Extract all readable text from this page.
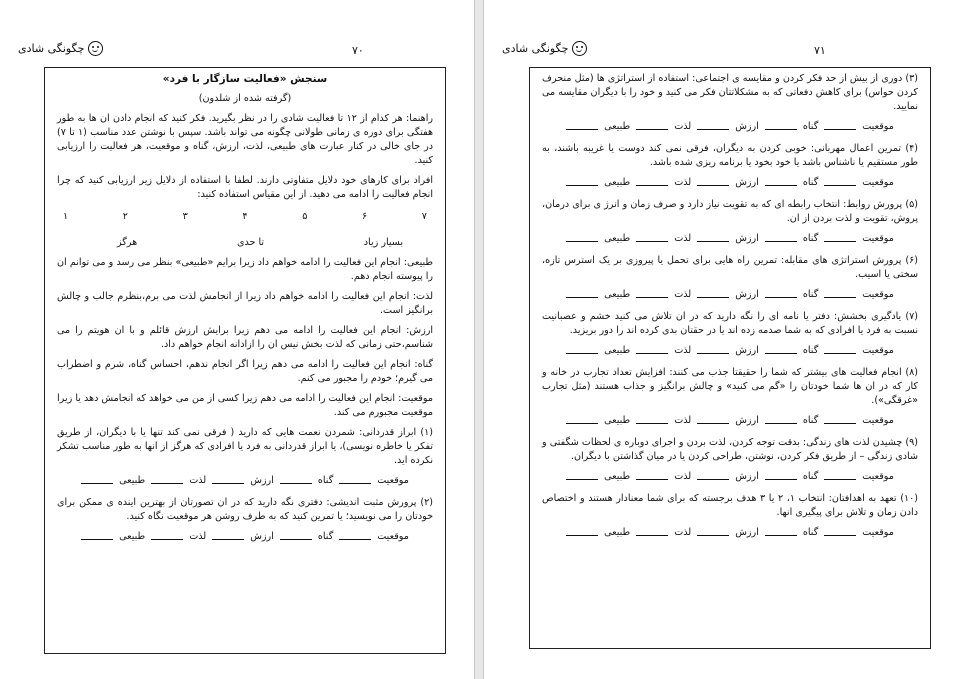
۷۰
چگونگی شادی

سنجش «فعالیت سازگار با فرد»

(گرفته شده از شلدون)

راهنما: هر کدام از ۱۲ تا فعالیت شادی را در نظر بگیرید. فکر کنید که انجام دادن ان ها به طور هفتگی برای دوره ی زمانی طولانی چگونه می تواند باشد. سپس با نوشتن عدد مناسب (۱ تا ۷) در جای خالی در کنار عبارت های طبیعی، لذت، ارزش، گناه و موقعیت، هر فعالیت را ارزیابی کنید.

افراد برای کارهای خود دلایل متفاوتی دارند. لطفا با استفاده از دلایل زیر ارزیابی کنید که چرا انجام فعالیت را ادامه می دهید. از این مقیاس استفاده کنید:

۱	۲	۳	۴	۵	۶	۷
بسیار زیاد
تا حدی
هرگز

طبیعی: انجام این فعالیت را ادامه خواهم داد زیرا برایم «طبیعی» بنظر می رسد و می توانم ان را پیوسته انجام دهم.

لذت: انجام این فعالیت را ادامه خواهم داد زیرا از انجامش لذت می برم،بنظرم جالب و چالش برانگیز است.

ارزش: انجام این فعالیت را ادامه می دهم زیرا برایش ارزش قائلم و با ان هویتم را می شناسم،حتی زمانی که لذت بخش نیس ان را ازادانه انجام خواهم داد.

گناه: انجام این فعالیت را ادامه می دهم زیرا اگر انجام ندهم، احساس گناه، شرم و اضطراب می گیرم؛ خودم را مجبور می کنم.

موقعیت: انجام این فعالیت را ادامه می دهم زیرا کسی از من می خواهد که انجامش دهد یا زیرا موقعیت مجبورم می کند.

(۱) ابراز قدردانی: شمردن نعمت هایی که دارید ( فرقی نمی کند تنها یا با دیگران، از طریق تفکر یا خاطره نویسی)، یا ابراز قدردانی به فرد یا افرادی که هرگز از انها به طور مناسب تشکر نکرده اید.

موقعیت
گناه
ارزش
لذت
طبیعی

(۲) پرورش مثبت اندیشی: دفتری نگه دارید که در ان تصورتان از بهترین اینده ی ممکن برای خودتان را می نویسید؛ یا تمرین کنید که به طرف روشن هر موقعیت نگاه کنید.

موقعیت
گناه
ارزش
لذت
طبیعی
۷۱
چگونگی شادی

(۳) دوری از بیش از حد فکر کردن و مقایسه ی اجتماعی: استفاده از استراتژی ها (مثل منحرف کردن حواس) برای کاهش دفعاتی که به مشکلاتتان فکر می کنید و خود را با دیگران مقایسه می نمایید.

موقعیت
گناه
ارزش
لذت
طبیعی

(۴) تمرین اعمال مهربانی: خوبی کردن به دیگران، فرقی نمی کند دوست یا غریبه باشند، به طور مستقیم یا ناشناس باشد یا خود بخود یا برنامه ریزی شده باشد.

موقعیت
گناه
ارزش
لذت
طبیعی

(۵) پرورش روابط: انتخاب رابطه ای که به تقویت نیاز دارد و صرف زمان و انرژ ی برای درمان، پروش، تقویت و لذت بردن از ان.

موقعیت
گناه
ارزش
لذت
طبیعی

(۶) پرورش استراتژی های مقابله: تمرین راه هایی برای تحمل یا پیروزی بر یک استرس تازه، سختی یا اسیب.

موقعیت
گناه
ارزش
لذت
طبیعی

(۷) یادگیری بخشش: دفتر یا نامه ای را نگه دارید که در ان تلاش می کنید خشم و عصبانیت نسبت به فرد یا افرادی که به شما صدمه زده اند یا در حقتان بدی کرده اند را دور بریزید.

موقعیت
گناه
ارزش
لذت
طبیعی

(۸) انجام فعالیت های بیشتر که شما را حقیقتا جذب می کنند: افزایش تعداد تجارب در خانه و کار که در ان ها شما خودتان را «گم می کنید» و چالش برانگیز و جذاب هستند (مثل تجارب «غرقگی»).

موقعیت
گناه
ارزش
لذت
طبیعی

(۹) چشیدن لذت های زندگی: بدقت توجه کردن، لذت بردن و اجرای دوباره ی لحظات شگفتی و شادی زندگی – از طریق فکر کردن، نوشتن، طراحی کردن یا در میان گذاشتن با دیگران.

موقعیت
گناه
ارزش
لذت
طبیعی

(۱۰) تعهد به اهدافتان: انتخاب ۱، ۲ یا ۳ هدف برجسته که برای شما معنادار هستند و اختصاص دادن زمان و تلاش برای پیگیری انها.

موقعیت
گناه
ارزش
لذت
طبیعی
